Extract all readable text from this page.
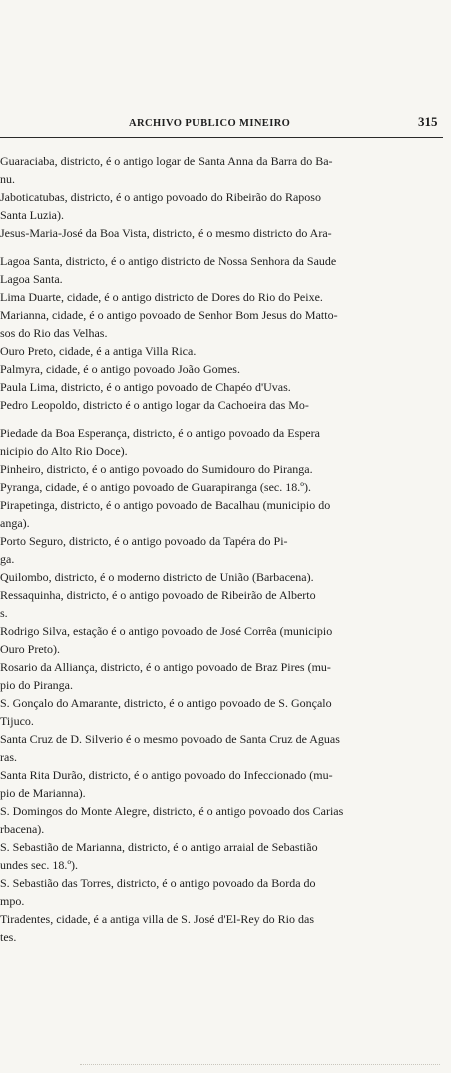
ARCHIVO PUBLICO MINEIRO	315
Guaraciaba, districto, é o antigo logar de Santa Anna da Barra do Ba-
nu.
Jaboticatubas, districto, é o antigo povoado do Ribeirão do Raposo
Santa Luzia).
Jesus-Maria-José da Boa Vista, districto, é o mesmo districto do Ara-
Lagoa Santa, districto, é o antigo districto de Nossa Senhora da Saude
Lagoa Santa.
Lima Duarte, cidade, é o antigo districto de Dores do Rio do Peixe.
Marianna, cidade, é o antigo povoado de Senhor Bom Jesus do Matto-
sos do Rio das Velhas.
Ouro Preto, cidade, é a antiga Villa Rica.
Palmyra, cidade, é o antigo povoado João Gomes.
Paula Lima, districto, é o antigo povoado de Chapéo d'Uvas.
Pedro Leopoldo, districto é o antigo logar da Cachoeira das Mo-
Piedade da Boa Esperança, districto, é o antigo povoado da Espera
nicipio do Alto Rio Doce).
Pinheiro, districto, é o antigo povoado do Sumidouro do Piranga.
Pyranga, cidade, é o antigo povoado de Guarapiranga (sec. 18.º).
Pirapetinga, districto, é o antigo povoado de Bacalhau (municipio do
anga).
Porto Seguro, districto, é o antigo povoado da Tapéra do Pi-
ga.
Quilombo, districto, é o moderno districto de União (Barbacena).
Ressaquinha, districto, é o antigo povoado de Ribeirão de Alberto
s.
Rodrigo Silva, estação é o antigo povoado de José Corrêa (municipio
Ouro Preto).
Rosario da Alliança, districto, é o antigo povoado de Braz Pires (mu-
pio do Piranga.
S. Gonçalo do Amarante, districto, é o antigo povoado de S. Gonçalo
Tijuco.
Santa Cruz de D. Silverio é o mesmo povoado de Santa Cruz de Aguas
ras.
Santa Rita Durão, districto, é o antigo povoado do Infeccionado (mu-
pio de Marianna).
S. Domingos do Monte Alegre, districto, é o antigo povoado dos Carias
rbacena).
S. Sebastião de Marianna, districto, é o antigo arraial de Sebastião
undes sec. 18.º).
S. Sebastião das Torres, districto, é o antigo povoado da Borda do
mpo.
Tiradentes, cidade, é a antiga villa de S. José d'El-Rey do Rio das
tes.
